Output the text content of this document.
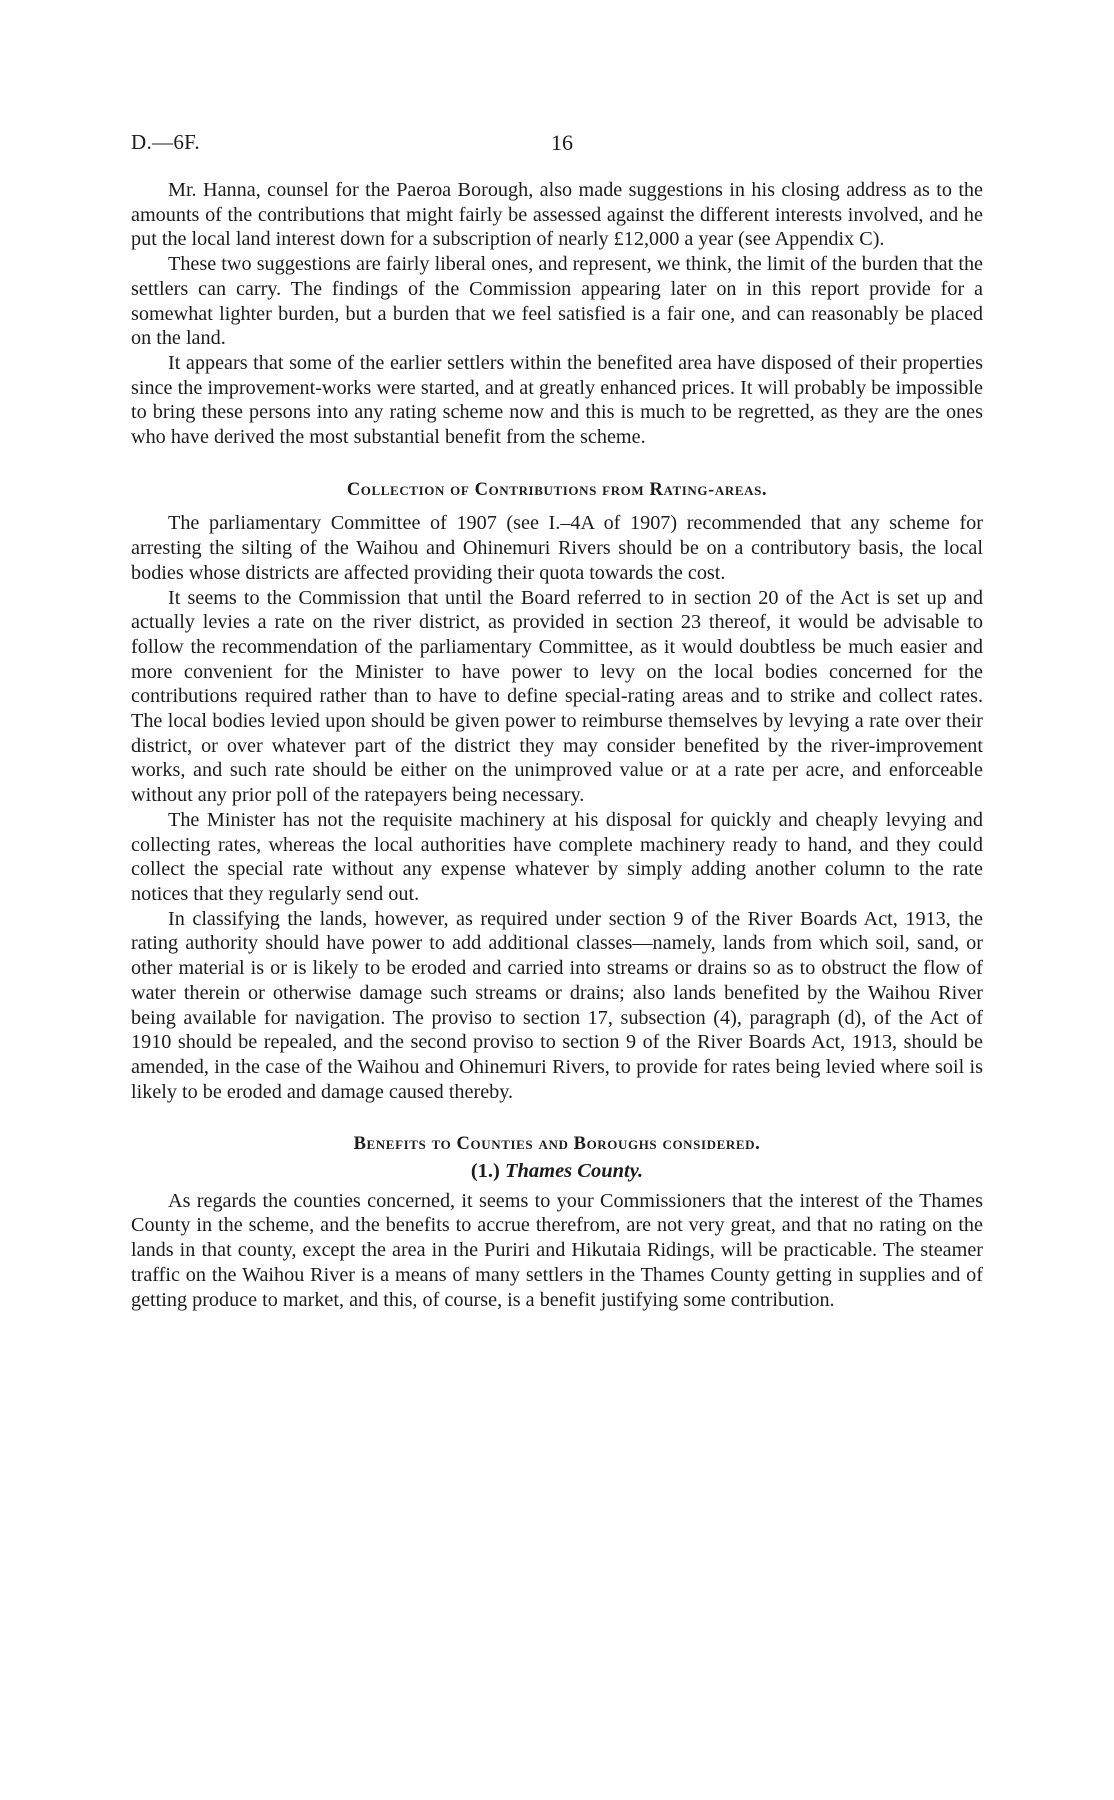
D.—6F.	16

Mr. Hanna, counsel for the Paeroa Borough, also made suggestions in his closing address as to the amounts of the contributions that might fairly be assessed against the different interests involved, and he put the local land interest down for a subscription of nearly £12,000 a year (see Appendix C).

These two suggestions are fairly liberal ones, and represent, we think, the limit of the burden that the settlers can carry. The findings of the Commission appearing later on in this report provide for a somewhat lighter burden, but a burden that we feel satisfied is a fair one, and can reasonably be placed on the land.

It appears that some of the earlier settlers within the benefited area have disposed of their properties since the improvement-works were started, and at greatly enhanced prices. It will probably be impossible to bring these persons into any rating scheme now and this is much to be regretted, as they are the ones who have derived the most substantial benefit from the scheme.

Collection of Contributions from Rating-areas.

The parliamentary Committee of 1907 (see I.–4A of 1907) recommended that any scheme for arresting the silting of the Waihou and Ohinemuri Rivers should be on a contributory basis, the local bodies whose districts are affected providing their quota towards the cost.

It seems to the Commission that until the Board referred to in section 20 of the Act is set up and actually levies a rate on the river district, as provided in section 23 thereof, it would be advisable to follow the recommendation of the parliamentary Committee, as it would doubtless be much easier and more convenient for the Minister to have power to levy on the local bodies concerned for the contributions required rather than to have to define special-rating areas and to strike and collect rates. The local bodies levied upon should be given power to reimburse themselves by levying a rate over their district, or over whatever part of the district they may consider benefited by the river-improvement works, and such rate should be either on the unimproved value or at a rate per acre, and enforceable without any prior poll of the ratepayers being necessary.

The Minister has not the requisite machinery at his disposal for quickly and cheaply levying and collecting rates, whereas the local authorities have complete machinery ready to hand, and they could collect the special rate without any expense whatever by simply adding another column to the rate notices that they regularly send out.

In classifying the lands, however, as required under section 9 of the River Boards Act, 1913, the rating authority should have power to add additional classes—namely, lands from which soil, sand, or other material is or is likely to be eroded and carried into streams or drains so as to obstruct the flow of water therein or otherwise damage such streams or drains; also lands benefited by the Waihou River being available for navigation. The proviso to section 17, subsection (4), paragraph (d), of the Act of 1910 should be repealed, and the second proviso to section 9 of the River Boards Act, 1913, should be amended, in the case of the Waihou and Ohinemuri Rivers, to provide for rates being levied where soil is likely to be eroded and damage caused thereby.

Benefits to Counties and Boroughs considered.
(1.) Thames County.

As regards the counties concerned, it seems to your Commissioners that the interest of the Thames County in the scheme, and the benefits to accrue therefrom, are not very great, and that no rating on the lands in that county, except the area in the Puriri and Hikutaia Ridings, will be practicable. The steamer traffic on the Waihou River is a means of many settlers in the Thames County getting in supplies and of getting produce to market, and this, of course, is a benefit justifying some contribution.
